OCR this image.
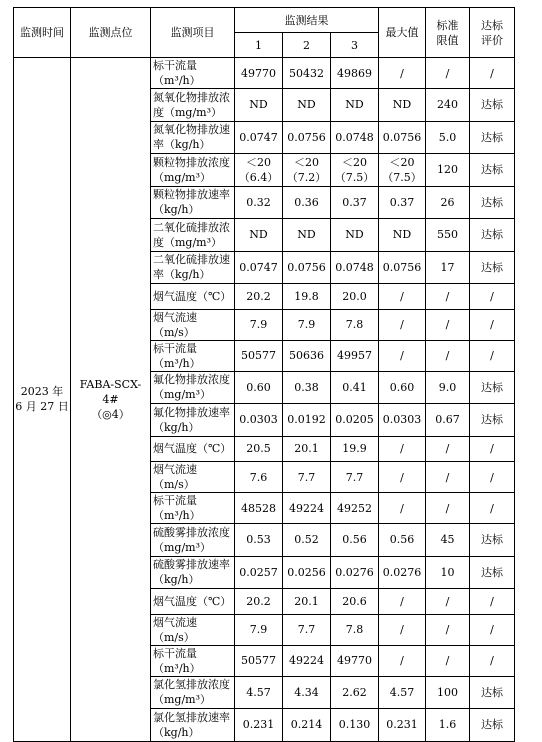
监测时间	监测点位	监测项目	监测结果			最大值	标准
限值	达标
评价
			1	2	3			
2023 年
6 月 27 日	FABA-SCX-4#
（◎4）	标干流量（m³/h）	49770	50432	49869	/	/	/
		氮氧化物排放浓度（mg/m³）	ND	ND	ND	ND	240	达标
		氮氧化物排放速率（kg/h）	0.0747	0.0756	0.0748	0.0756	5.0	达标
		颗粒物排放浓度（mg/m³）	＜20（6.4）	＜20（7.2）	＜20（7.5）	＜20（7.5）	120	达标
		颗粒物排放速率（kg/h）	0.32	0.36	0.37	0.37	26	达标
		二氧化硫排放浓度（mg/m³）	ND	ND	ND	ND	550	达标
		二氧化硫排放速率（kg/h）	0.0747	0.0756	0.0748	0.0756	17	达标
		烟气温度（℃）	20.2	19.8	20.0	/	/	/
		烟气流速（m/s）	7.9	7.9	7.8	/	/	/
		标干流量（m³/h）	50577	50636	49957	/	/	/
		氟化物排放浓度（mg/m³）	0.60	0.38	0.41	0.60	9.0	达标
		氟化物排放速率（kg/h）	0.0303	0.0192	0.0205	0.0303	0.67	达标
		烟气温度（℃）	20.5	20.1	19.9	/	/	/
		烟气流速（m/s）	7.6	7.7	7.7	/	/	/
		标干流量（m³/h）	48528	49224	49252	/	/	/
		硫酸雾排放浓度（mg/m³）	0.53	0.52	0.56	0.56	45	达标
		硫酸雾排放速率（kg/h）	0.0257	0.0256	0.0276	0.0276	10	达标
		烟气温度（℃）	20.2	20.1	20.6	/	/	/
		烟气流速（m/s）	7.9	7.7	7.8	/	/	/
		标干流量（m³/h）	50577	49224	49770	/	/	/
		氯化氢排放浓度（mg/m³）	4.57	4.34	2.62	4.57	100	达标
		氯化氢排放速率（kg/h）	0.231	0.214	0.130	0.231	1.6	达标
